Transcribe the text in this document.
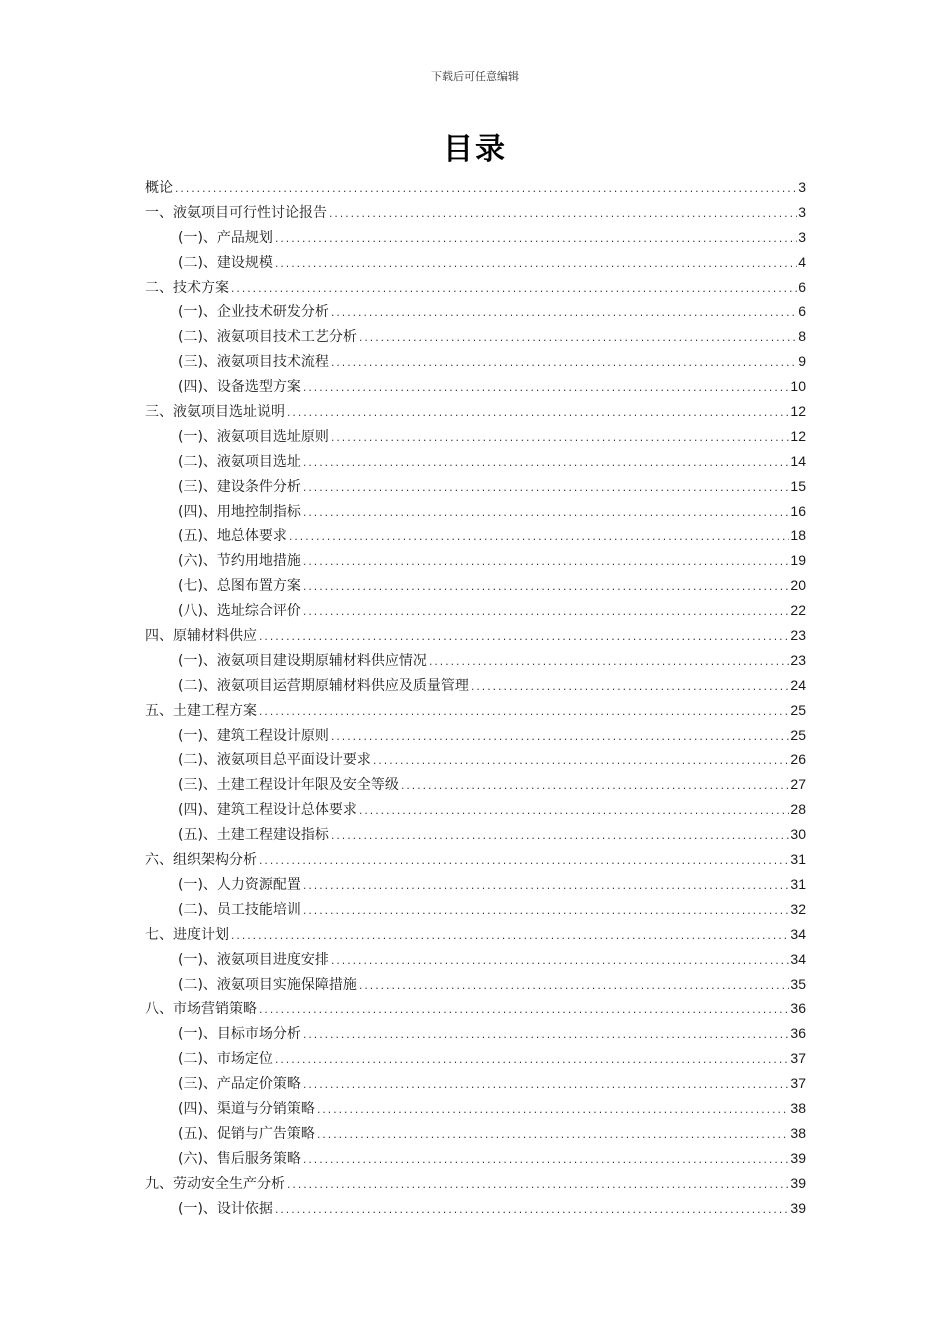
下载后可任意编辑
目录
概论 .....	3
一、液氨项目可行性讨论报告 .....	3
(一)、产品规划 .....	3
(二)、建设规模 .....	4
二、技术方案 .....	6
(一)、企业技术研发分析 .....	6
(二)、液氨项目技术工艺分析 .....	8
(三)、液氨项目技术流程 .....	9
(四)、设备选型方案 .....	10
三、液氨项目选址说明 .....	12
(一)、液氨项目选址原则 .....	12
(二)、液氨项目选址 .....	14
(三)、建设条件分析 .....	15
(四)、用地控制指标 .....	16
(五)、地总体要求 .....	18
(六)、节约用地措施 .....	19
(七)、总图布置方案 .....	20
(八)、选址综合评价 .....	22
四、原辅材料供应 .....	23
(一)、液氨项目建设期原辅材料供应情况 .....	23
(二)、液氨项目运营期原辅材料供应及质量管理 .....	24
五、土建工程方案 .....	25
(一)、建筑工程设计原则 .....	25
(二)、液氨项目总平面设计要求 .....	26
(三)、土建工程设计年限及安全等级 .....	27
(四)、建筑工程设计总体要求 .....	28
(五)、土建工程建设指标 .....	30
六、组织架构分析 .....	31
(一)、人力资源配置 .....	31
(二)、员工技能培训 .....	32
七、进度计划 .....	34
(一)、液氨项目进度安排 .....	34
(二)、液氨项目实施保障措施 .....	35
八、市场营销策略 .....	36
(一)、目标市场分析 .....	36
(二)、市场定位 .....	37
(三)、产品定价策略 .....	37
(四)、渠道与分销策略 .....	38
(五)、促销与广告策略 .....	38
(六)、售后服务策略 .....	39
九、劳动安全生产分析 .....	39
(一)、设计依据 .....	39
